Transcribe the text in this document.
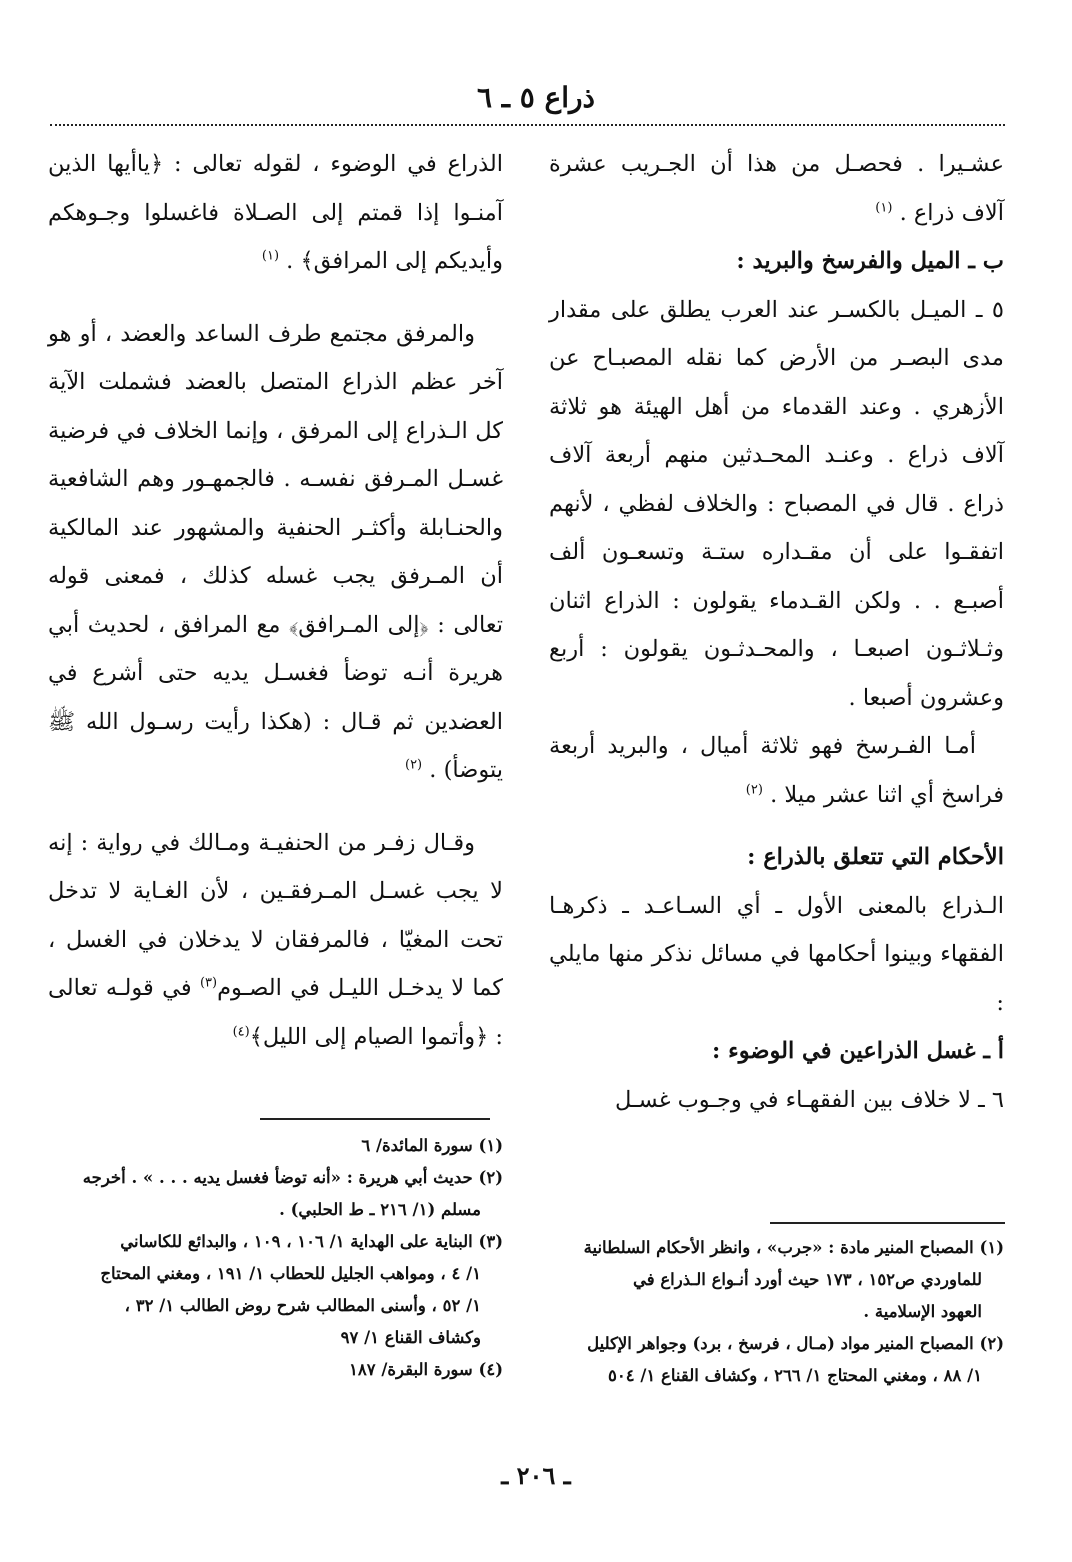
ذراع ٥ ـ ٦

عشـيرا . فحصـل من هذا أن الجـريب عشرة آلاف ذراع . $^{(١)}$

ب ـ الميل والفرسخ والبريد :

٥ ـ الميـل بالكسـر عند العرب يطلق على مقدار مدى البصـر من الأرض كما نقله المصبـاح عن الأزهري . وعند القدماء من أهل الهيئة هو ثلاثة آلاف ذراع . وعنـد المحـدثين منهم أربعة آلاف ذراع . قال في المصباح : والخلاف لفظي ، لأنهم اتفقـوا على أن مقـداره ستـة وتسعـون ألف أصبـع . . ولكن القـدماء يقولون : الذراع اثنان وثـلاثـون اصبعـا ، والمحـدثـون يقولون : أربع وعشرون أصبعا .

أمـا الفـرسخ فهو ثلاثة أميال ، والبريد أربعة فراسخ أي اثنا عشر ميلا . $^{(٢)}$

الأحكام التي تتعلق بالذراع :

الـذراع بالمعنى الأول ـ أي السـاعـد ـ ذكرهـا الفقهاء وبينوا أحكامها في مسائل نذكر منها مايلي :

أ ـ غسل الذراعين في الوضوء :

٦ ـ لا خلاف بين الفقهـاء في وجـوب غسـل

الذراع في الوضوء ، لقوله تعالى : ﴿ياأيها الذين آمنـوا إذا قمتم إلى الصـلاة فاغسلوا وجـوهكم وأيديكم إلى المرافق﴾ . $^{(١)}$

والمرفق مجتمع طرف الساعد والعضد ، أو هو آخر عظم الذراع المتصل بالعضد فشملت الآية كل الـذراع إلى المرفق ، وإنما الخلاف في فرضية غسـل المـرفق نفسـه . فالجمهـور وهم الشافعية والحنـابلة وأكثـر الحنفية والمشهور عند المالكية أن المـرفق يجب غسله كذلك ، فمعنى قوله تعالى : ﴿إلى المـرافق﴾ مع المرافق ، لحديث أبي هريرة أنـه توضأ فغسـل يديه حتى أشرع في العضدين ثم قـال : (هكذا رأيت رسـول الله ﷺ يتوضأ) . $^{(٢)}$

وقـال زفـر من الحنفيـة ومـالك في رواية : إنه لا يجب غسـل المـرفقـين ، لأن الغـاية لا تدخل تحت المغيّا ، فالمرفقان لا يدخلان في الغسل ، كما لا يدخـل الليـل في الصـوم$^{(٣)}$ في قولـه تعالى : ﴿وأتموا الصيام إلى الليل﴾$^{(٤)}$

(١) سورة المائدة/ ٦

(٢) حديث أبي هريرة : «أنه توضأ فغسل يديه . . . » . أخرجه

مسلم (١/ ٢١٦ ـ ط الحلبي) .

(٣) البناية على الهداية ١/ ١٠٦ ، ١٠٩ ، والبدائع للكاساني

١/ ٤ ، ومواهب الجليل للحطاب ١/ ١٩١ ، ومغني المحتاج

١/ ٥٢ ، وأسنى المطالب شرح روض الطالب ١/ ٣٢ ،

وكشاف القناع ١/ ٩٧

(٤) سورة البقرة/ ١٨٧

(١) المصباح المنير مادة : «جرب» ، وانظر الأحكام السلطانية

للماوردي ص١٥٢ ، ١٧٣ حيث أورد أنـواع الـذراع في

العهود الإسلامية .

(٢) المصباح المنير مواد (مـال ، فرسخ ، برد) وجواهر الإكليل

١/ ٨٨ ، ومغني المحتاج ١/ ٢٦٦ ، وكشاف القناع ١/ ٥٠٤

ـ ٢٠٦ ـ
